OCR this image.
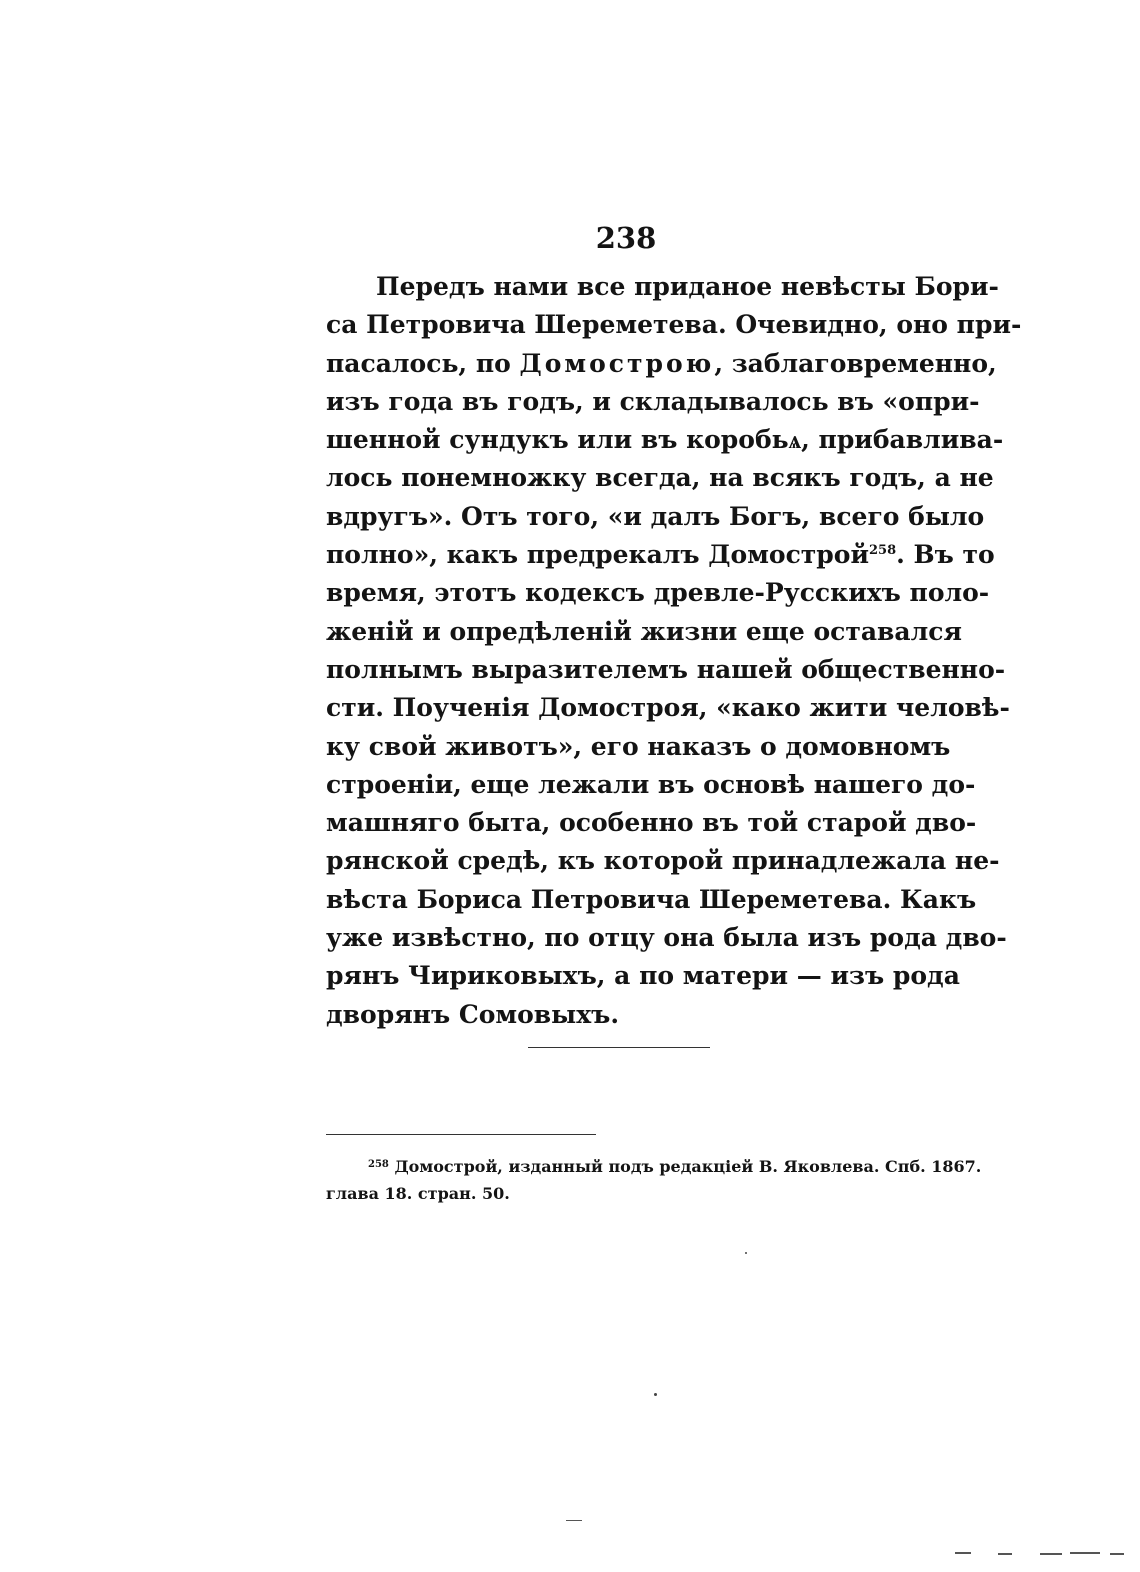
238
Передъ нами все приданое невѣсты Бори-
са Петровича Шереметева. Очевидно, оно при-
пасалось, по Домострою, заблаговременно,
изъ года въ годъ, и складывалось въ «опри-
шенной сундукъ или въ коробьѧ, прибавлива-
лось понемножку всегда, на всякъ годъ, а не
вдругъ». Отъ того, «и далъ Богъ, всего было
полно», какъ предрекалъ Домострой$^{258}$. Въ то
время, этотъ кодексъ древле-Русскихъ поло-
женій и опредѣленій жизни еще оставался
полнымъ выразителемъ нашей общественно-
сти. Поученія Домостроя, «како жити человѣ-
ку свой животъ», его наказъ о домовномъ
строеніи, еще лежали въ основѣ нашего до-
машняго быта, особенно въ той старой дво-
рянской средѣ, къ которой принадлежала не-
вѣста Бориса Петровича Шереметева. Какъ
уже извѣстно, по отцу она была изъ рода дво-
рянъ Чириковыхъ, а по матери — изъ рода
дворянъ Сомовыхъ.
$^{258}$ Домострой, изданный подъ редакціей В. Яковлева. Спб. 1867.
глава 18. стран. 50.
